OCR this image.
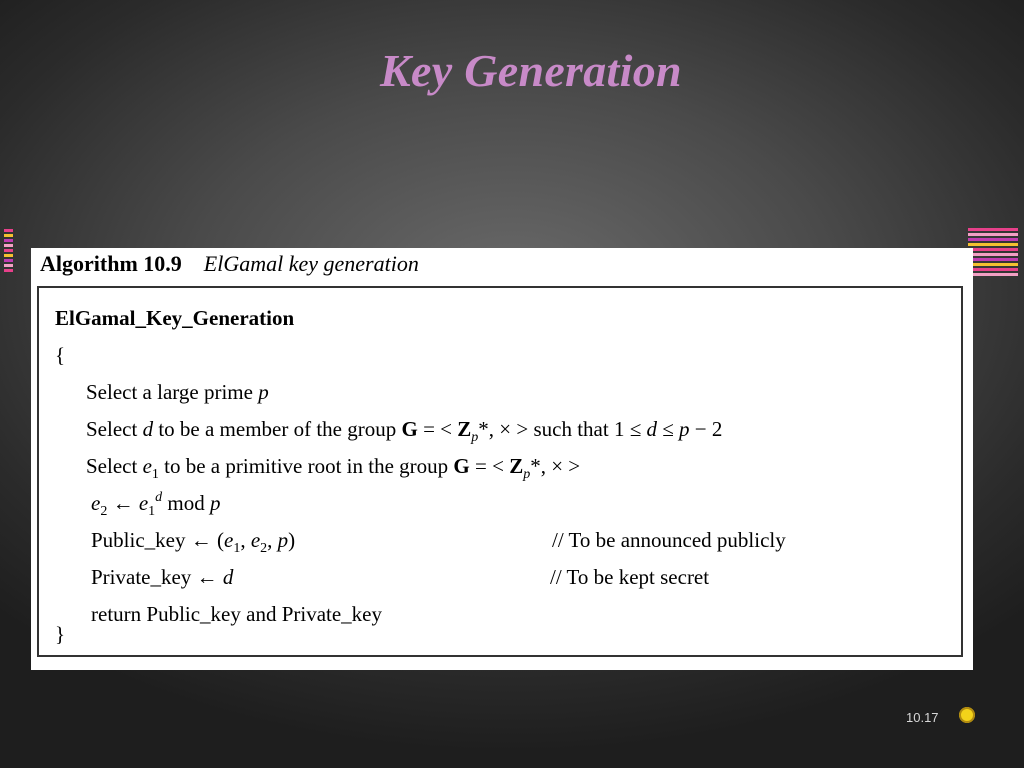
Key Generation
Algorithm 10.9 ElGamal key generation
ElGamal_Key_Generation
{
Select a large prime p
Select d to be a member of the group G = < $Z_p*$, × > such that 1 ≤ d ≤ p − 2
Select $e_1$ to be a primitive root in the group G = < $Z_p*$, × >
$e_2$ ← $e_1^d$ mod p
Public_key ← ($e_1$, $e_2$, p)	// To be announced publicly
Private_key ← d	// To be kept secret
return Public_key and Private_key
}
10.17
